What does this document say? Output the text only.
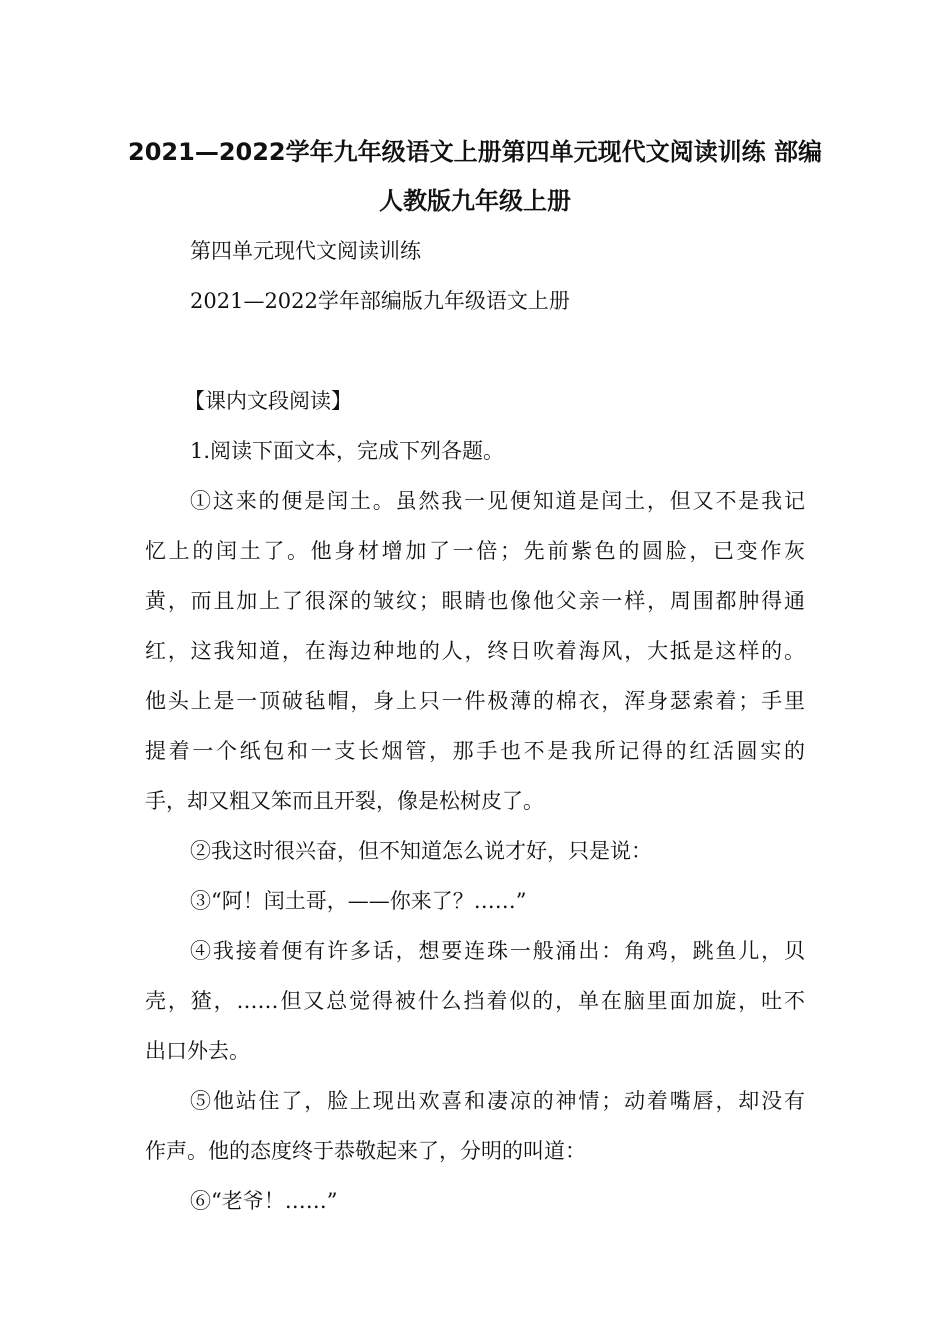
2021—2022学年九年级语文上册第四单元现代文阅读训练 部编
人教版九年级上册
第四单元现代文阅读训练
2021—2022学年部编版九年级语文上册
【课内文段阅读】
1.阅读下面文本，完成下列各题。
①这来的便是闰土。虽然我一见便知道是闰土，但又不是我记
忆上的闰土了。他身材增加了一倍；先前紫色的圆脸，已变作灰
黄，而且加上了很深的皱纹；眼睛也像他父亲一样，周围都肿得通
红，这我知道，在海边种地的人，终日吹着海风，大抵是这样的。
他头上是一顶破毡帽，身上只一件极薄的棉衣，浑身瑟索着；手里
提着一个纸包和一支长烟管，那手也不是我所记得的红活圆实的
手，却又粗又笨而且开裂，像是松树皮了。
②我这时很兴奋，但不知道怎么说才好，只是说：
③“阿！闰土哥，——你来了？……”
④我接着便有许多话，想要连珠一般涌出：角鸡，跳鱼儿，贝
壳，猹，……但又总觉得被什么挡着似的，单在脑里面加旋，吐不
出口外去。
⑤他站住了，脸上现出欢喜和凄凉的神情；动着嘴唇，却没有
作声。他的态度终于恭敬起来了，分明的叫道：
⑥“老爷！……”
